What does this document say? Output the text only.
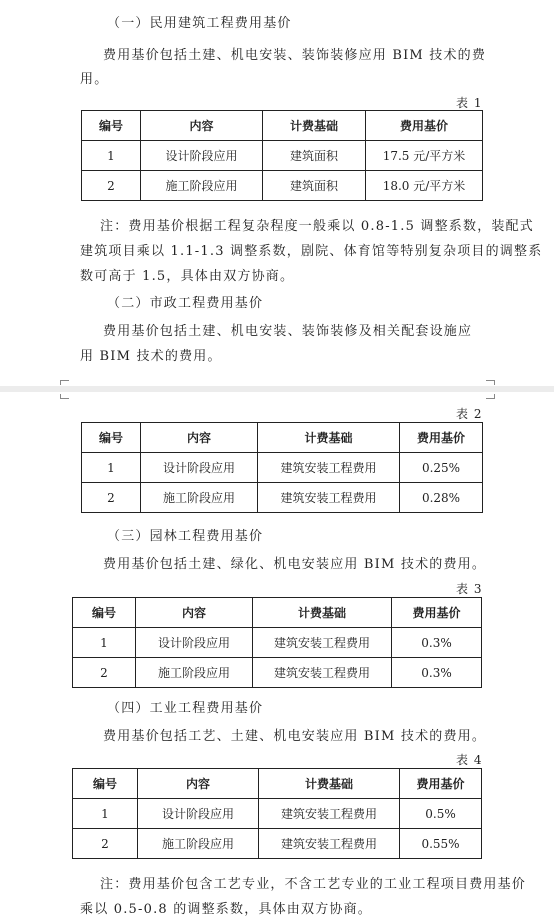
（一）民用建筑工程费用基价
费用基价包括土建、机电安装、装饰装修应用 BIM 技术的费
用。
表 1
编号	内容	计费基础	费用基价
1	设计阶段应用	建筑面积	17.5 元/平方米
2	施工阶段应用	建筑面积	18.0 元/平方米
注：费用基价根据工程复杂程度一般乘以 0.8-1.5 调整系数，装配式
建筑项目乘以 1.1-1.3 调整系数，剧院、体育馆等特别复杂项目的调整系
数可高于 1.5，具体由双方协商。
（二）市政工程费用基价
费用基价包括土建、机电安装、装饰装修及相关配套设施应
用 BIM 技术的费用。
表 2
编号	内容	计费基础	费用基价
1	设计阶段应用	建筑安装工程费用	0.25%
2	施工阶段应用	建筑安装工程费用	0.28%
（三）园林工程费用基价
费用基价包括土建、绿化、机电安装应用 BIM 技术的费用。
表 3
编号	内容	计费基础	费用基价
1	设计阶段应用	建筑安装工程费用	0.3%
2	施工阶段应用	建筑安装工程费用	0.3%
（四）工业工程费用基价
费用基价包括工艺、土建、机电安装应用 BIM 技术的费用。
表 4
编号	内容	计费基础	费用基价
1	设计阶段应用	建筑安装工程费用	0.5%
2	施工阶段应用	建筑安装工程费用	0.55%
注：费用基价包含工艺专业，不含工艺专业的工业工程项目费用基价
乘以 0.5-0.8 的调整系数，具体由双方协商。
